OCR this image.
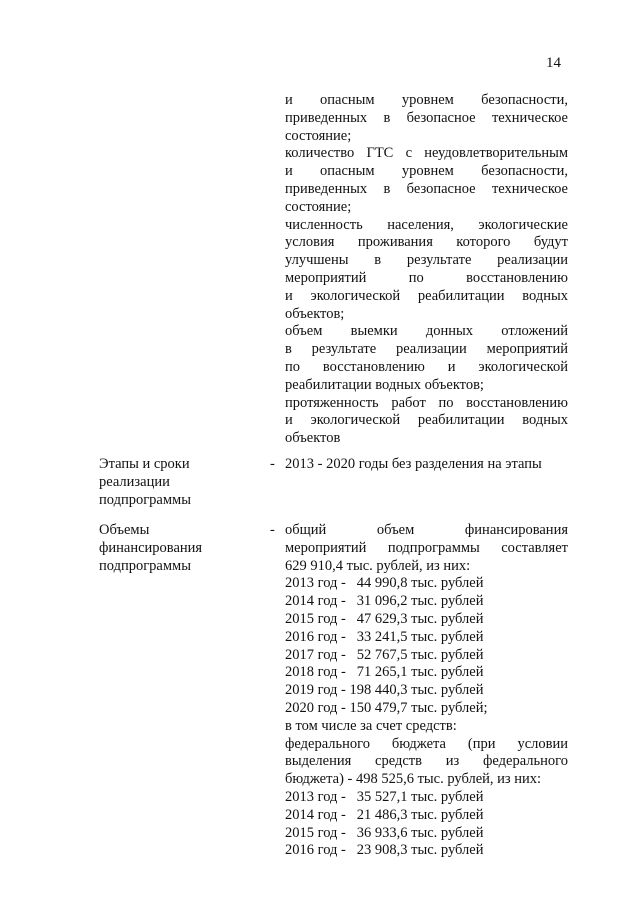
14
и опасным уровнем безопасности,
приведенных в безопасное техническое
состояние;
количество ГТС с неудовлетворительным
и опасным уровнем безопасности,
приведенных в безопасное техническое
состояние;
численность населения, экологические
условия проживания которого будут
улучшены в результате реализации
мероприятий по восстановлению
и экологической реабилитации водных
объектов;
объем выемки донных отложений
в результате реализации мероприятий
по восстановлению и экологической
реабилитации водных объектов;
протяженность работ по восстановлению
и экологической реабилитации водных
объектов
Этапы и сроки
реализации
подпрограммы
- 2013 - 2020 годы без разделения на этапы
Объемы
финансирования
подпрограммы
- общий объем финансирования
мероприятий подпрограммы составляет
629 910,4 тыс. рублей, из них:
2013 год -   44 990,8 тыс. рублей
2014 год -   31 096,2 тыс. рублей
2015 год -   47 629,3 тыс. рублей
2016 год -   33 241,5 тыс. рублей
2017 год -   52 767,5 тыс. рублей
2018 год -   71 265,1 тыс. рублей
2019 год - 198 440,3 тыс. рублей
2020 год - 150 479,7 тыс. рублей;
в том числе за счет средств:
федерального бюджета (при условии
выделения средств из федерального
бюджета) - 498 525,6 тыс. рублей, из них:
2013 год -   35 527,1 тыс. рублей
2014 год -   21 486,3 тыс. рублей
2015 год -   36 933,6 тыс. рублей
2016 год -   23 908,3 тыс. рублей
